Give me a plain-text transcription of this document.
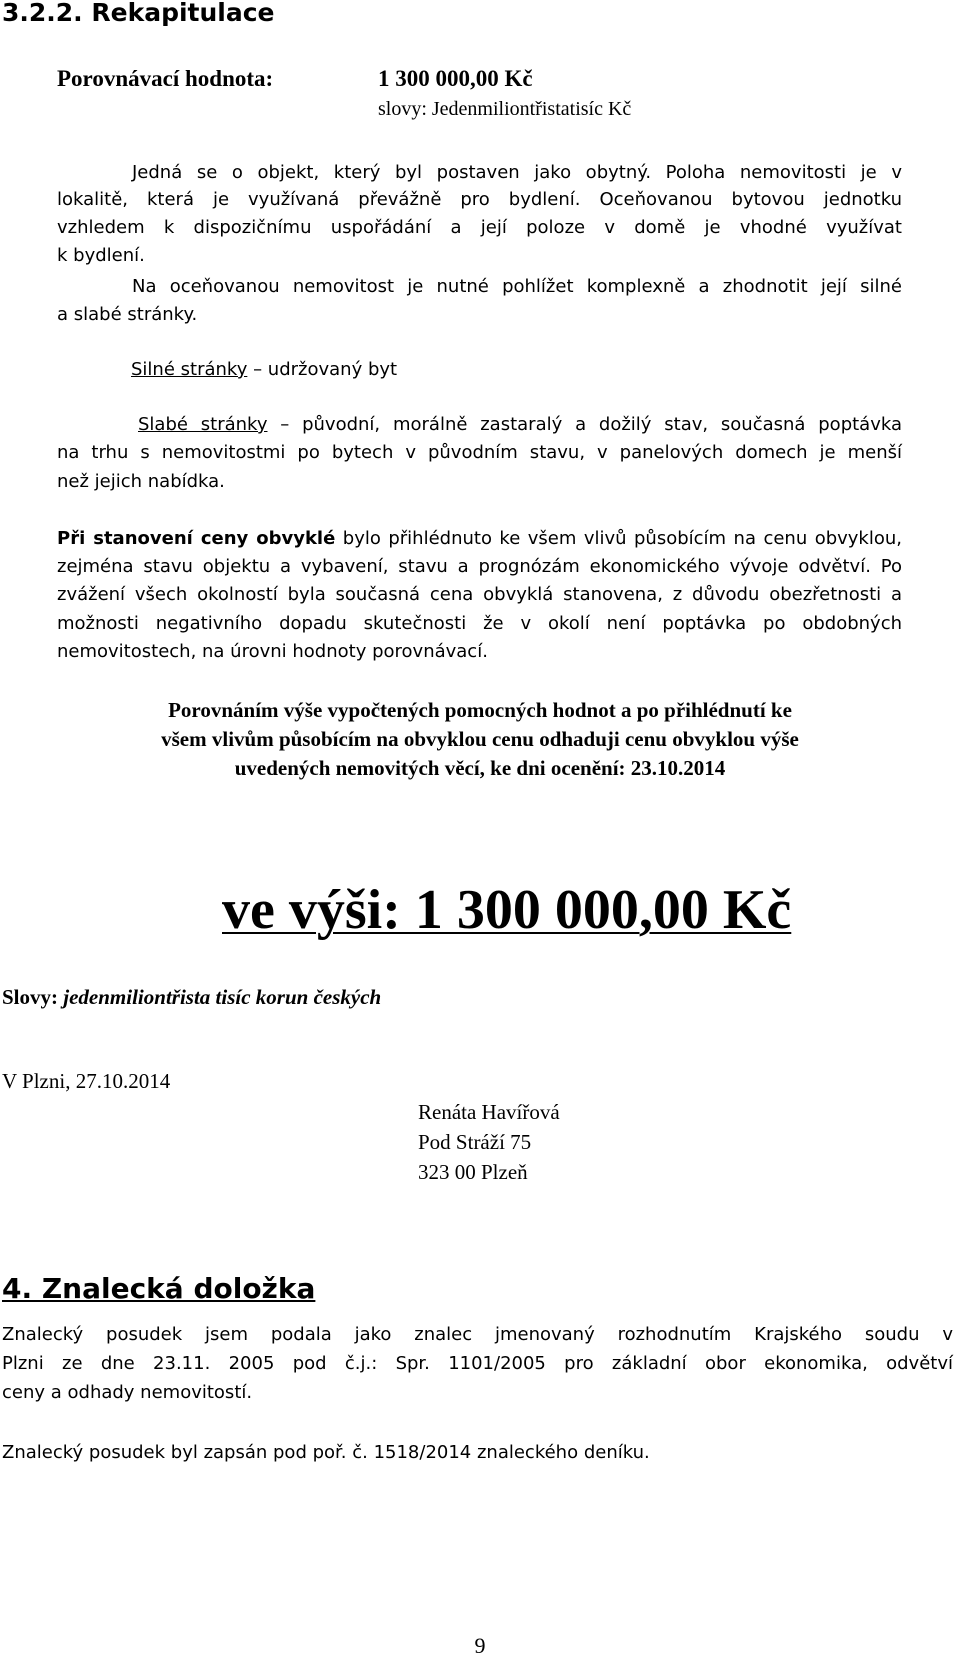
3.2.2. Rekapitulace
Porovnávací hodnota:	1 300 000,00 Kč
slovy: Jedenmiliontřistatisíc Kč
Jedná se o objekt, který byl postaven jako obytný. Poloha nemovitosti je v
lokalitě, která je využívaná převážně pro bydlení. Oceňovanou bytovou jednotku
vzhledem k dispozičnímu uspořádání a její poloze v domě je vhodné využívat
k bydlení.
Na oceňovanou nemovitost je nutné pohlížet komplexně a zhodnotit její silné
a slabé stránky.
Silné stránky – udržovaný byt
Slabé stránky – původní, morálně zastaralý a dožilý stav, současná poptávka
na trhu s nemovitostmi po bytech v původním stavu, v panelových domech je menší
než jejich nabídka.
Při stanovení ceny obvyklé bylo přihlédnuto ke všem vlivů působícím na cenu obvyklou,
zejména stavu objektu a vybavení, stavu a prognózám ekonomického vývoje odvětví. Po
zvážení všech okolností byla současná cena obvyklá stanovena, z důvodu obezřetnosti a
možnosti negativního dopadu skutečnosti že v okolí není poptávka po obdobných
nemovitostech, na úrovni hodnoty porovnávací.
Porovnáním výše vypočtených pomocných hodnot a po přihlédnutí ke
všem vlivům působícím na obvyklou cenu odhaduji cenu obvyklou výše
uvedených nemovitých věcí, ke dni ocenění: 23.10.2014
ve výši: 1 300 000,00 Kč
Slovy: jedenmiliontřista tisíc korun českých
V Plzni, 27.10.2014
Renáta Havířová
Pod Stráží 75
323 00 Plzeň
4. Znalecká doložka
Znalecký posudek jsem podala jako znalec jmenovaný rozhodnutím Krajského soudu v
Plzni ze dne 23.11. 2005 pod č.j.: Spr. 1101/2005 pro základní obor ekonomika, odvětví
ceny a odhady nemovitostí.
Znalecký posudek byl zapsán pod poř. č. 1518/2014 znaleckého deníku.
9
